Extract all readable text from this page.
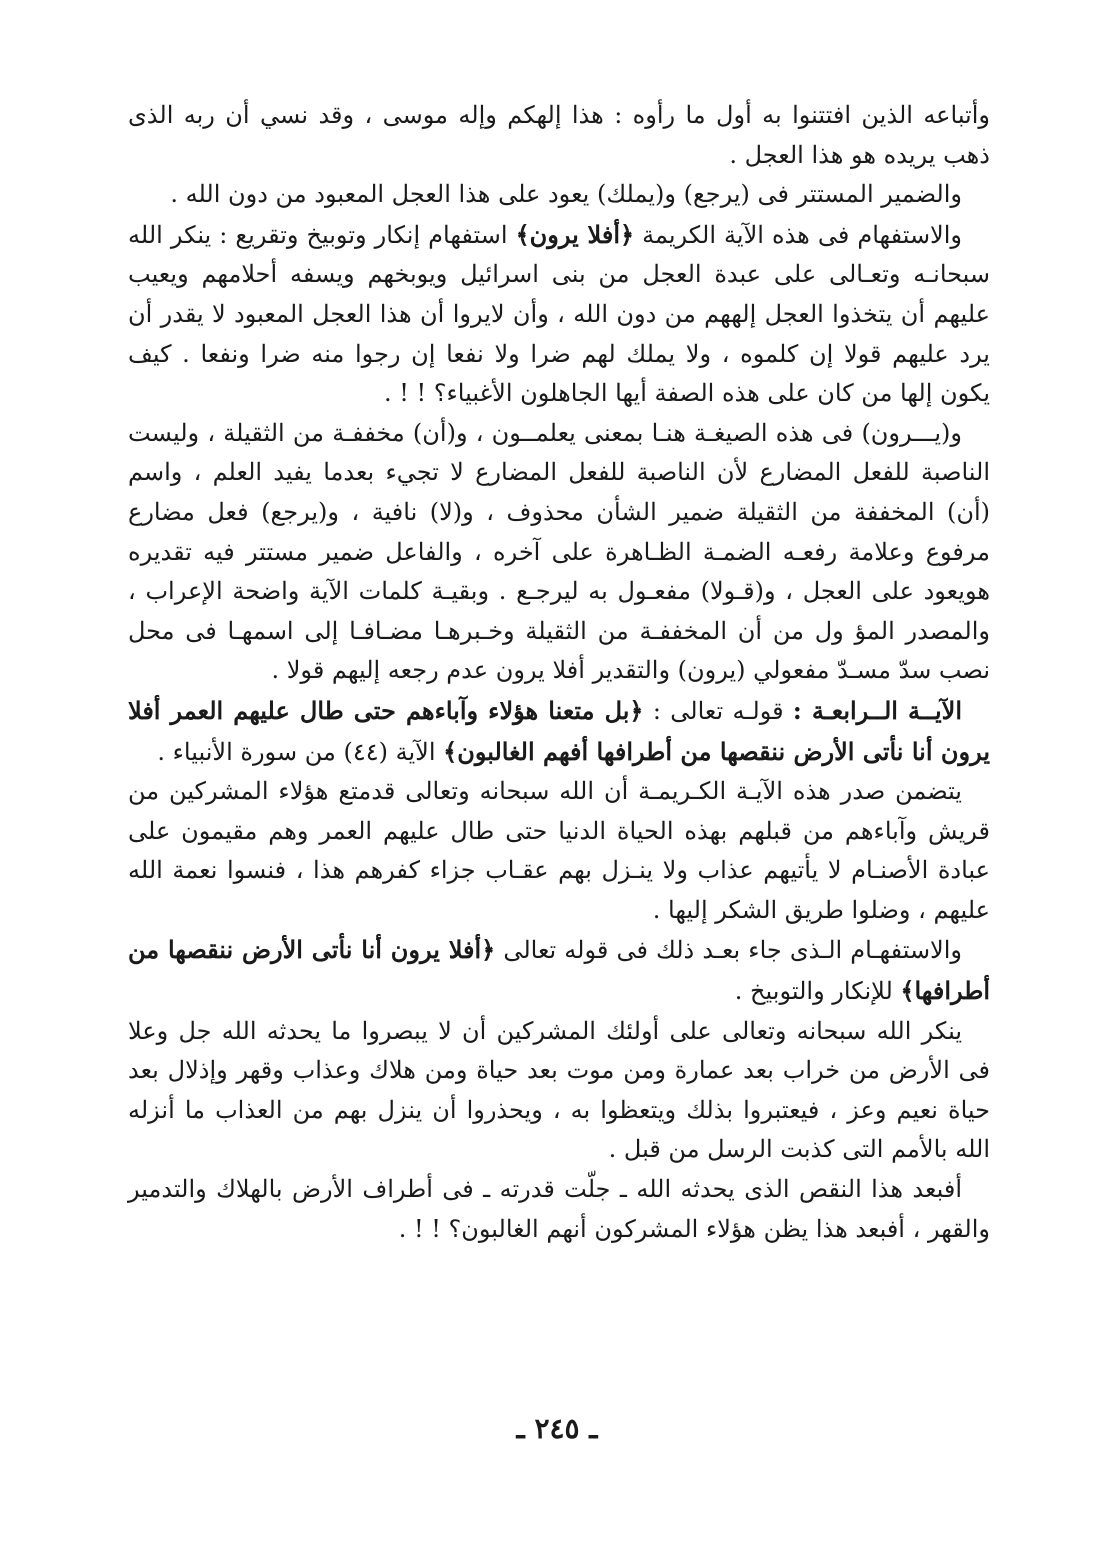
وأتباعه الذين افتتنوا به أول ما رأوه : هذا إلهكم وإله موسى ، وقد نسي أن ربه الذى ذهب يريده هو هذا العجل .

والضمير المستتر فى (يرجع) و(يملك) يعود على هذا العجل المعبود من دون الله .

والاستفهام فى هذه الآية الكريمة ﴿أفلا يرون﴾ استفهام إنكار وتوبيخ وتقريع : ينكر الله سبحانـه وتعـالى على عبدة العجل من بنى اسرائيل ويوبخهم ويسفه أحلامهم ويعيب عليهم أن يتخذوا العجل إلههم من دون الله ، وأن لايروا أن هذا العجل المعبود لا يقدر أن يرد عليهم قولا إن كلموه ، ولا يملك لهم ضرا ولا نفعا إن رجوا منه ضرا ونفعا . كيف يكون إلها من كان على هذه الصفة أيها الجاهلون الأغبياء؟ ! ! .

و(يـــرون) فى هذه الصيغـة هنـا بمعنى يعلمــون ، و(أن) مخففـة من الثقيلة ، وليست الناصبة للفعل المضارع لأن الناصبة للفعل المضارع لا تجيء بعدما يفيد العلم ، واسم (أن) المخففة من الثقيلة ضمير الشأن محذوف ، و(لا) نافية ، و(يرجع) فعل مضارع مرفوع وعلامة رفعـه الضمـة الظـاهرة على آخره ، والفاعل ضمير مستتر فيه تقديره هويعود على العجل ، و(قـولا) مفعـول به ليرجـع . وبقيـة كلمات الآية واضحة الإعراب ، والمصدر المؤ ول من أن المخففـة من الثقيلة وخـبرهـا مضـافـا إلى اسمهـا فى محل نصب سدّ مسـدّ مفعولي (يرون) والتقدير أفلا يرون عدم رجعه إليهم قولا .

الآيــة الــرابعـة : قولـه تعالى : ﴿بل متعنا هؤلاء وآباءهم حتى طال عليهم العمر أفلا يرون أنا نأتى الأرض ننقصها من أطرافها أفهم الغالبون﴾ الآية (٤٤) من سورة الأنبياء .

يتضمن صدر هذه الآيـة الكـريمـة أن الله سبحانه وتعالى قدمتع هؤلاء المشركين من قريش وآباءهم من قبلهم بهذه الحياة الدنيا حتى طال عليهم العمر وهم مقيمون على عبادة الأصنـام لا يأتيهم عذاب ولا ينـزل بهم عقـاب جزاء كفرهم هذا ، فنسوا نعمة الله عليهم ، وضلوا طريق الشكر إليها .

والاستفهـام الـذى جاء بعـد ذلك فى قوله تعالى ﴿أفلا يرون أنا نأتى الأرض ننقصها من أطرافها﴾ للإنكار والتوبيخ .

ينكر الله سبحانه وتعالى على أولئك المشركين أن لا يبصروا ما يحدثه الله جل وعلا فى الأرض من خراب بعد عمارة ومن موت بعد حياة ومن هلاك وعذاب وقهر وإذلال بعد حياة نعيم وعز ، فيعتبروا بذلك ويتعظوا به ، ويحذروا أن ينزل بهم من العذاب ما أنزله الله بالأمم التى كذبت الرسل من قبل .

أفبعد هذا النقص الذى يحدثه الله ـ جلّت قدرته ـ فى أطراف الأرض بالهلاك والتدمير والقهر ، أفبعد هذا يظن هؤلاء المشركون أنهم الغالبون؟ ! ! .

ـ ٢٤٥ ـ
